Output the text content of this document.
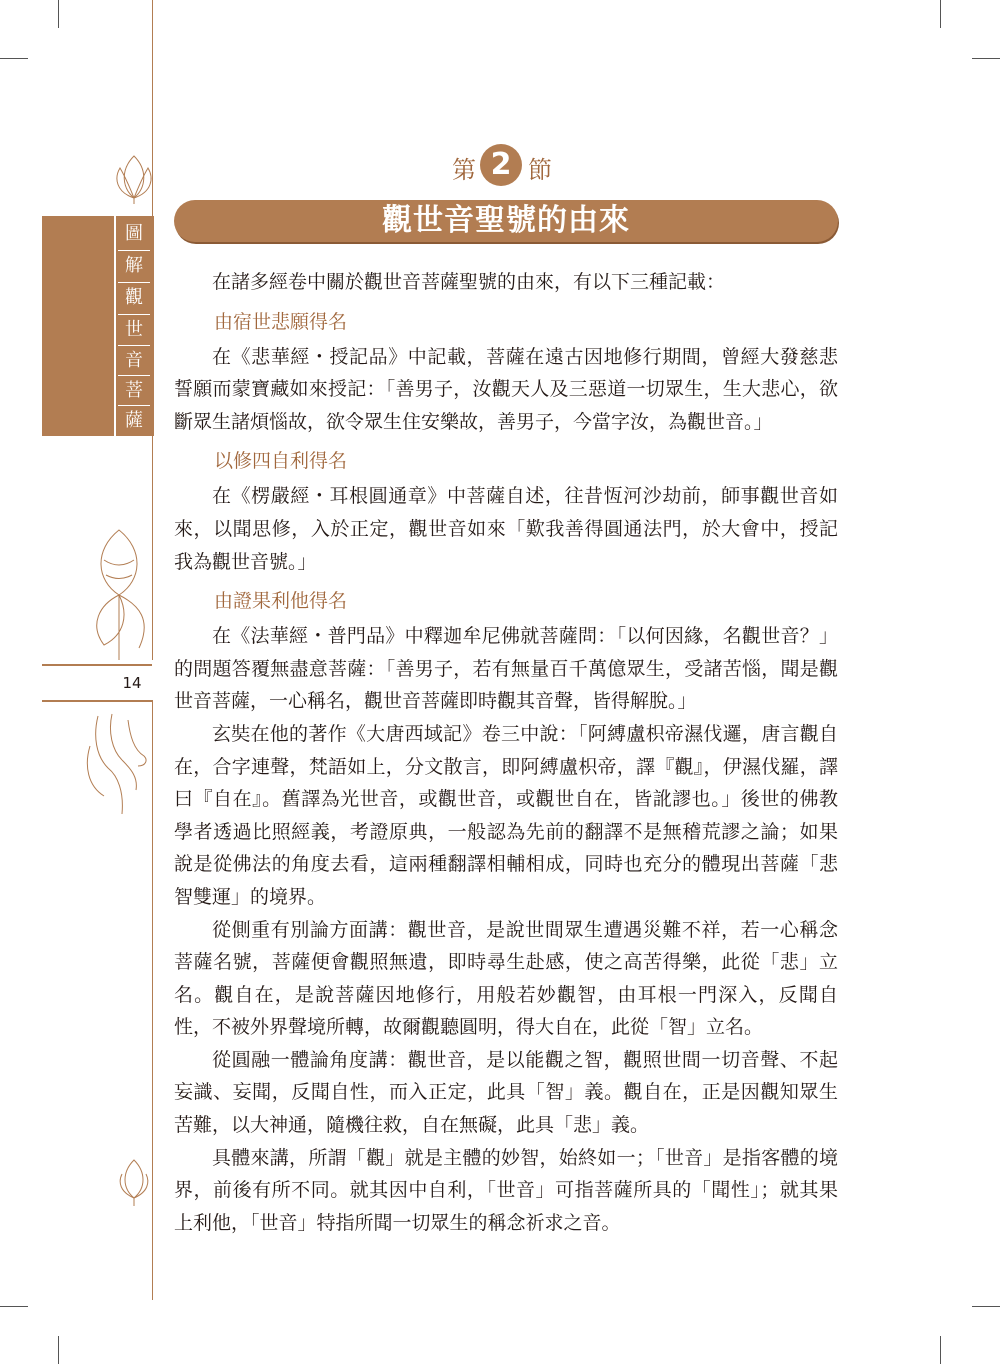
圖
解
觀
世
音
菩
薩
14
第 2 節
觀世音聖號的由來

在諸多經卷中關於觀世音菩薩聖號的由來，有以下三種記載：

由宿世悲願得名

在《悲華經・授記品》中記載，菩薩在遠古因地修行期間，曾經大發慈悲誓願而蒙寶藏如來授記：「善男子，汝觀天人及三惡道一切眾生，生大悲心，欲斷眾生諸煩惱故，欲令眾生住安樂故，善男子，今當字汝，為觀世音。」

以修四自利得名

在《楞嚴經・耳根圓通章》中菩薩自述，往昔恆河沙劫前，師事觀世音如來，以聞思修，入於正定，觀世音如來「歎我善得圓通法門，於大會中，授記我為觀世音號。」

由證果利他得名

在《法華經・普門品》中釋迦牟尼佛就菩薩問：「以何因緣，名觀世音？」的問題答覆無盡意菩薩：「善男子，若有無量百千萬億眾生，受諸苦惱，聞是觀世音菩薩，一心稱名，觀世音菩薩即時觀其音聲，皆得解脫。」

玄奘在他的著作《大唐西域記》卷三中說：「阿縛盧枳帝濕伐邏，唐言觀自在，合字連聲，梵語如上，分文散言，即阿縛盧枳帝，譯『觀』，伊濕伐羅，譯曰『自在』。舊譯為光世音，或觀世音，或觀世自在，皆訛謬也。」後世的佛教學者透過比照經義，考證原典，一般認為先前的翻譯不是無稽荒謬之論；如果說是從佛法的角度去看，這兩種翻譯相輔相成，同時也充分的體現出菩薩「悲智雙運」的境界。

從側重有別論方面講：觀世音，是說世間眾生遭遇災難不祥，若一心稱念菩薩名號，菩薩便會觀照無遺，即時尋生赴感，使之高苦得樂，此從「悲」立名。觀自在，是說菩薩因地修行，用般若妙觀智，由耳根一門深入，反聞自性，不被外界聲境所轉，故爾觀聽圓明，得大自在，此從「智」立名。

從圓融一體論角度講：觀世音，是以能觀之智，觀照世間一切音聲、不起妄識、妄聞，反聞自性，而入正定，此具「智」義。觀自在，正是因觀知眾生苦難，以大神通，隨機往救，自在無礙，此具「悲」義。

具體來講，所謂「觀」就是主體的妙智，始終如一；「世音」是指客體的境界，前後有所不同。就其因中自利，「世音」可指菩薩所具的「聞性」；就其果上利他，「世音」特指所聞一切眾生的稱念祈求之音。
